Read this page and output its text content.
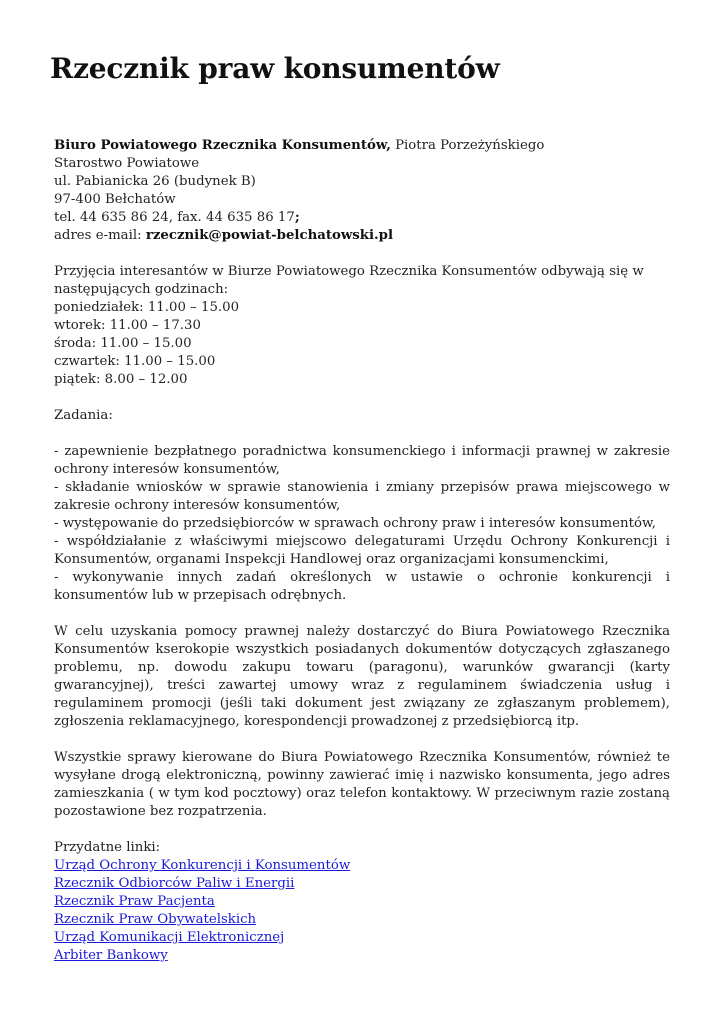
Rzecznik praw konsumentów
Biuro Powiatowego Rzecznika Konsumentów, Piotra Porzeżyńskiego
Starostwo Powiatowe
ul. Pabianicka 26 (budynek B)
97-400 Bełchatów
tel. 44 635 86 24, fax. 44 635 86 17;
adres e-mail: rzecznik@powiat-belchatowski.pl
Przyjęcia interesantów w Biurze Powiatowego Rzecznika Konsumentów odbywają się w
następujących godzinach:
poniedziałek: 11.00 – 15.00
wtorek: 11.00 – 17.30
środa: 11.00 – 15.00
czwartek: 11.00 – 15.00
piątek: 8.00 – 12.00
Zadania:
- zapewnienie bezpłatnego poradnictwa konsumenckiego i informacji prawnej w zakresie ochrony interesów konsumentów,
- składanie wniosków w sprawie stanowienia i zmiany przepisów prawa miejscowego w zakresie ochrony interesów konsumentów,
- występowanie do przedsiębiorców w sprawach ochrony praw i interesów konsumentów,
- współdziałanie z właściwymi miejscowo delegaturami Urzędu Ochrony Konkurencji i Konsumentów, organami Inspekcji Handlowej oraz organizacjami konsumenckimi,
- wykonywanie innych zadań określonych w ustawie o ochronie konkurencji i konsumentów lub w przepisach odrębnych.
W celu uzyskania pomocy prawnej należy dostarczyć do Biura Powiatowego Rzecznika Konsumentów kserokopie wszystkich posiadanych dokumentów dotyczących zgłaszanego problemu, np. dowodu zakupu towaru (paragonu), warunków gwarancji (karty gwarancyjnej), treści zawartej umowy wraz z regulaminem świadczenia usług i regulaminem promocji (jeśli taki dokument jest związany ze zgłaszanym problemem), zgłoszenia reklamacyjnego, korespondencji prowadzonej z przedsiębiorcą itp.
Wszystkie sprawy kierowane do Biura Powiatowego Rzecznika Konsumentów, również te wysyłane drogą elektroniczną, powinny zawierać imię i nazwisko konsumenta, jego adres zamieszkania ( w tym kod pocztowy) oraz telefon kontaktowy. W przeciwnym razie zostaną pozostawione bez rozpatrzenia.
Przydatne linki:
Urząd Ochrony Konkurencji i Konsumentów
Rzecznik Odbiorców Paliw i Energii
Rzecznik Praw Pacjenta
Rzecznik Praw Obywatelskich
Urząd Komunikacji Elektronicznej
Arbiter Bankowy
